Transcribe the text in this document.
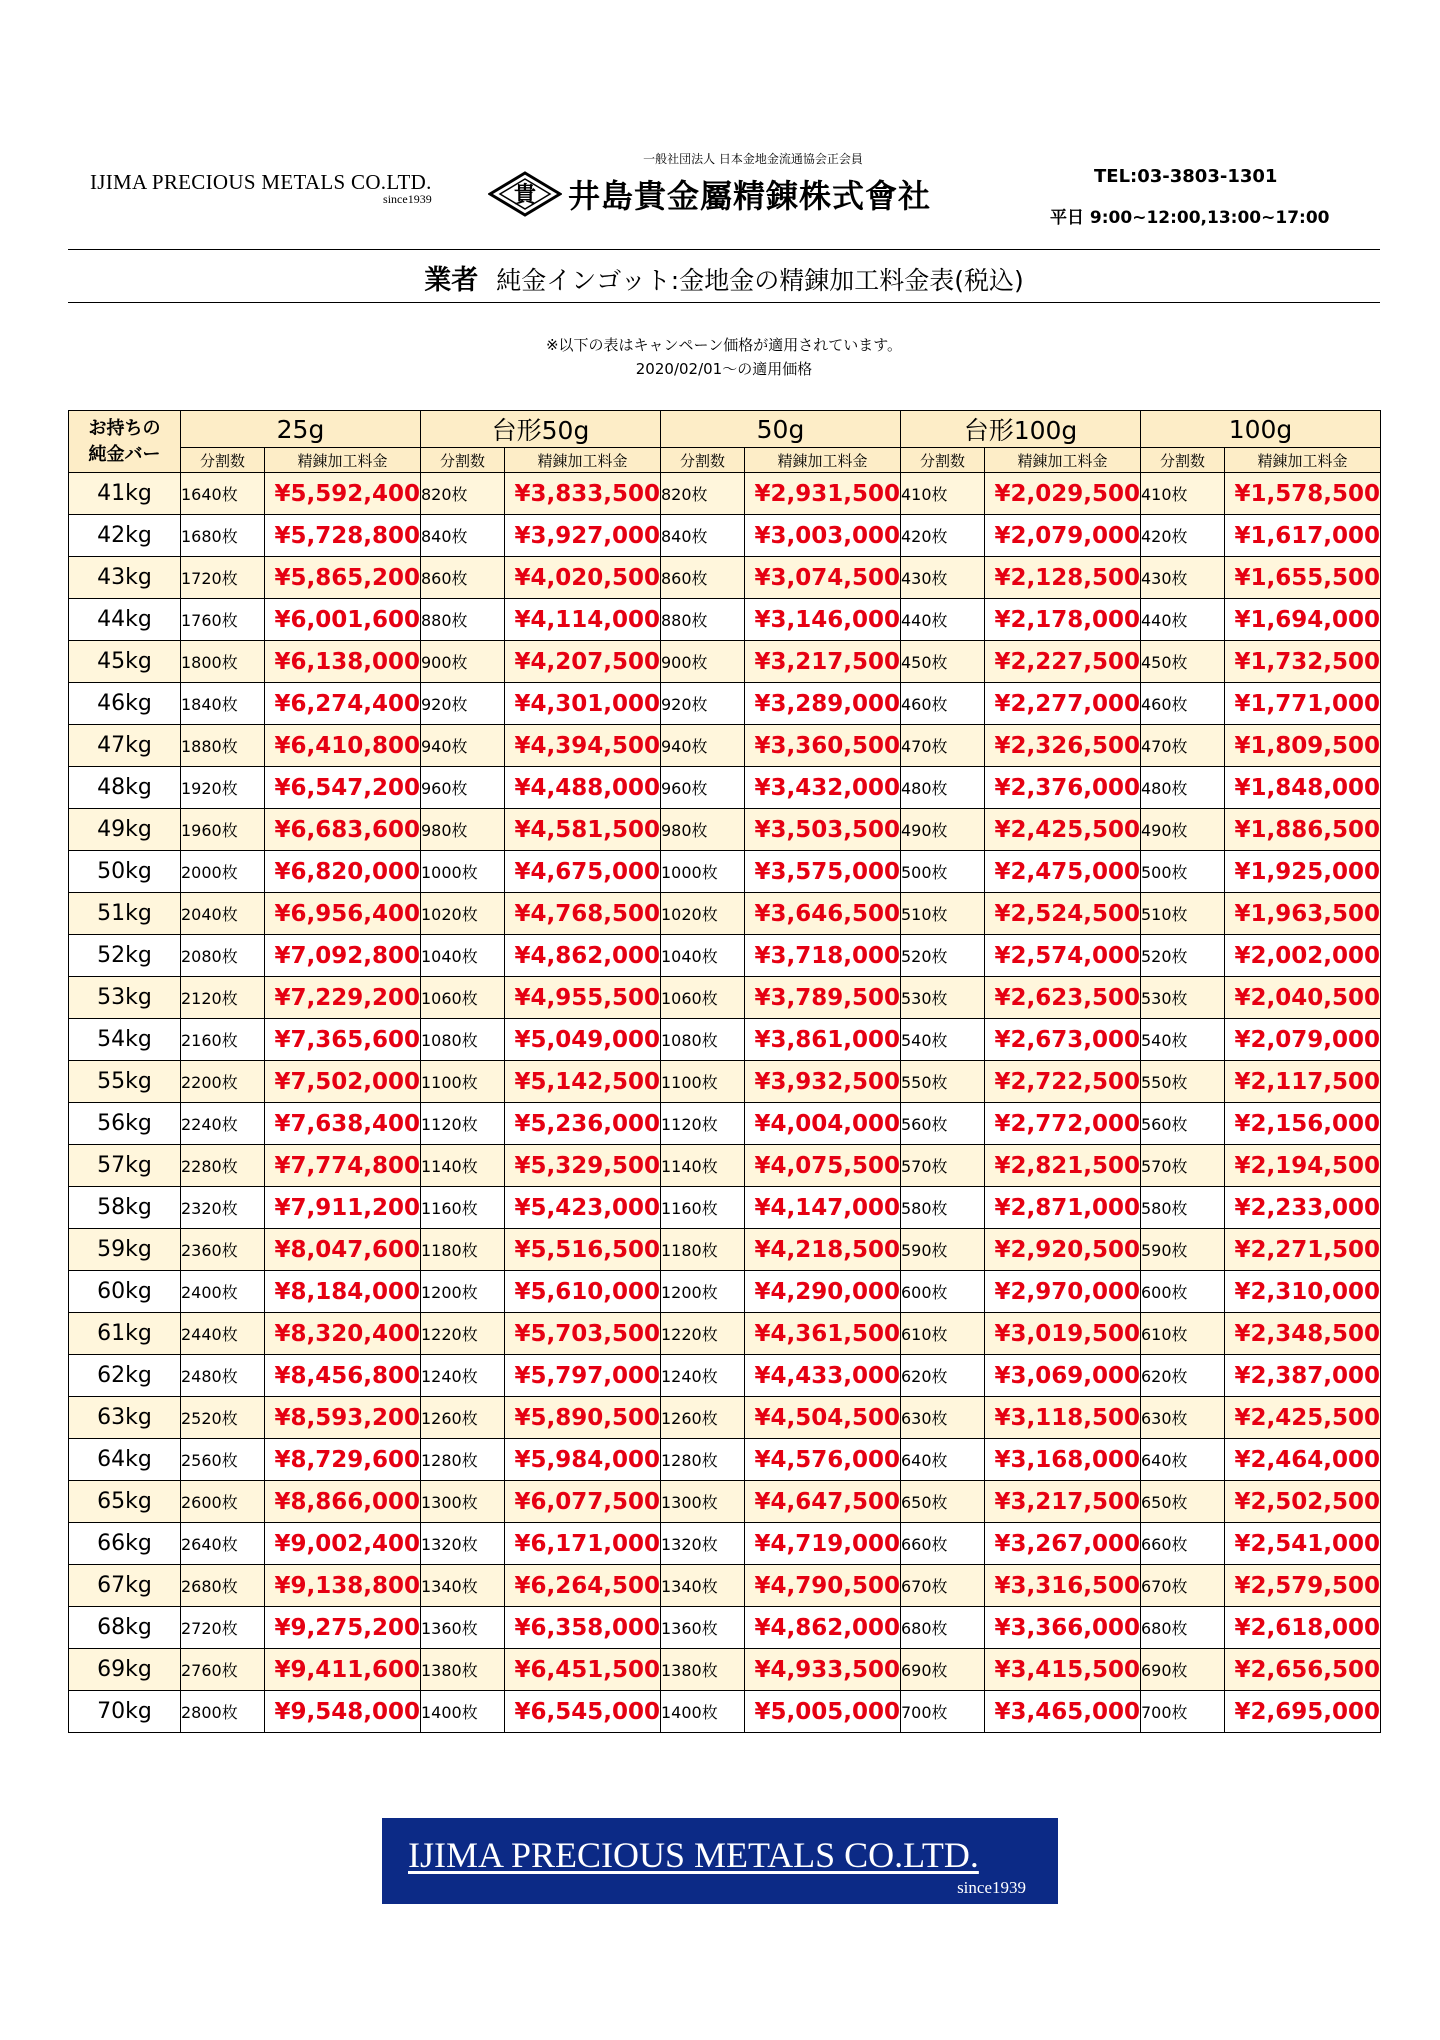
IJIMA PRECIOUS METALS CO.LTD.
since1939
一般社団法人 日本金地金流通協会正会員
貴 井島貴金屬精錬株式會社
TEL:03-3803-1301
平日 9:00~12:00,13:00~17:00
業者 純金インゴット:金地金の精錬加工料金表(税込)
※以下の表はキャンペーン価格が適用されています。
2020/02/01～の適用価格
お持ちの
純金バー	25g		台形50g		50g		台形100g		100g	
	分割数	精錬加工料金	分割数	精錬加工料金	分割数	精錬加工料金	分割数	精錬加工料金	分割数	精錬加工料金
41kg	1640枚	¥5,592,400	820枚	¥3,833,500	820枚	¥2,931,500	410枚	¥2,029,500	410枚	¥1,578,500
42kg	1680枚	¥5,728,800	840枚	¥3,927,000	840枚	¥3,003,000	420枚	¥2,079,000	420枚	¥1,617,000
43kg	1720枚	¥5,865,200	860枚	¥4,020,500	860枚	¥3,074,500	430枚	¥2,128,500	430枚	¥1,655,500
44kg	1760枚	¥6,001,600	880枚	¥4,114,000	880枚	¥3,146,000	440枚	¥2,178,000	440枚	¥1,694,000
45kg	1800枚	¥6,138,000	900枚	¥4,207,500	900枚	¥3,217,500	450枚	¥2,227,500	450枚	¥1,732,500
46kg	1840枚	¥6,274,400	920枚	¥4,301,000	920枚	¥3,289,000	460枚	¥2,277,000	460枚	¥1,771,000
47kg	1880枚	¥6,410,800	940枚	¥4,394,500	940枚	¥3,360,500	470枚	¥2,326,500	470枚	¥1,809,500
48kg	1920枚	¥6,547,200	960枚	¥4,488,000	960枚	¥3,432,000	480枚	¥2,376,000	480枚	¥1,848,000
49kg	1960枚	¥6,683,600	980枚	¥4,581,500	980枚	¥3,503,500	490枚	¥2,425,500	490枚	¥1,886,500
50kg	2000枚	¥6,820,000	1000枚	¥4,675,000	1000枚	¥3,575,000	500枚	¥2,475,000	500枚	¥1,925,000
51kg	2040枚	¥6,956,400	1020枚	¥4,768,500	1020枚	¥3,646,500	510枚	¥2,524,500	510枚	¥1,963,500
52kg	2080枚	¥7,092,800	1040枚	¥4,862,000	1040枚	¥3,718,000	520枚	¥2,574,000	520枚	¥2,002,000
53kg	2120枚	¥7,229,200	1060枚	¥4,955,500	1060枚	¥3,789,500	530枚	¥2,623,500	530枚	¥2,040,500
54kg	2160枚	¥7,365,600	1080枚	¥5,049,000	1080枚	¥3,861,000	540枚	¥2,673,000	540枚	¥2,079,000
55kg	2200枚	¥7,502,000	1100枚	¥5,142,500	1100枚	¥3,932,500	550枚	¥2,722,500	550枚	¥2,117,500
56kg	2240枚	¥7,638,400	1120枚	¥5,236,000	1120枚	¥4,004,000	560枚	¥2,772,000	560枚	¥2,156,000
57kg	2280枚	¥7,774,800	1140枚	¥5,329,500	1140枚	¥4,075,500	570枚	¥2,821,500	570枚	¥2,194,500
58kg	2320枚	¥7,911,200	1160枚	¥5,423,000	1160枚	¥4,147,000	580枚	¥2,871,000	580枚	¥2,233,000
59kg	2360枚	¥8,047,600	1180枚	¥5,516,500	1180枚	¥4,218,500	590枚	¥2,920,500	590枚	¥2,271,500
60kg	2400枚	¥8,184,000	1200枚	¥5,610,000	1200枚	¥4,290,000	600枚	¥2,970,000	600枚	¥2,310,000
61kg	2440枚	¥8,320,400	1220枚	¥5,703,500	1220枚	¥4,361,500	610枚	¥3,019,500	610枚	¥2,348,500
62kg	2480枚	¥8,456,800	1240枚	¥5,797,000	1240枚	¥4,433,000	620枚	¥3,069,000	620枚	¥2,387,000
63kg	2520枚	¥8,593,200	1260枚	¥5,890,500	1260枚	¥4,504,500	630枚	¥3,118,500	630枚	¥2,425,500
64kg	2560枚	¥8,729,600	1280枚	¥5,984,000	1280枚	¥4,576,000	640枚	¥3,168,000	640枚	¥2,464,000
65kg	2600枚	¥8,866,000	1300枚	¥6,077,500	1300枚	¥4,647,500	650枚	¥3,217,500	650枚	¥2,502,500
66kg	2640枚	¥9,002,400	1320枚	¥6,171,000	1320枚	¥4,719,000	660枚	¥3,267,000	660枚	¥2,541,000
67kg	2680枚	¥9,138,800	1340枚	¥6,264,500	1340枚	¥4,790,500	670枚	¥3,316,500	670枚	¥2,579,500
68kg	2720枚	¥9,275,200	1360枚	¥6,358,000	1360枚	¥4,862,000	680枚	¥3,366,000	680枚	¥2,618,000
69kg	2760枚	¥9,411,600	1380枚	¥6,451,500	1380枚	¥4,933,500	690枚	¥3,415,500	690枚	¥2,656,500
70kg	2800枚	¥9,548,000	1400枚	¥6,545,000	1400枚	¥5,005,000	700枚	¥3,465,000	700枚	¥2,695,000
IJIMA PRECIOUS METALS CO.LTD.
since1939
